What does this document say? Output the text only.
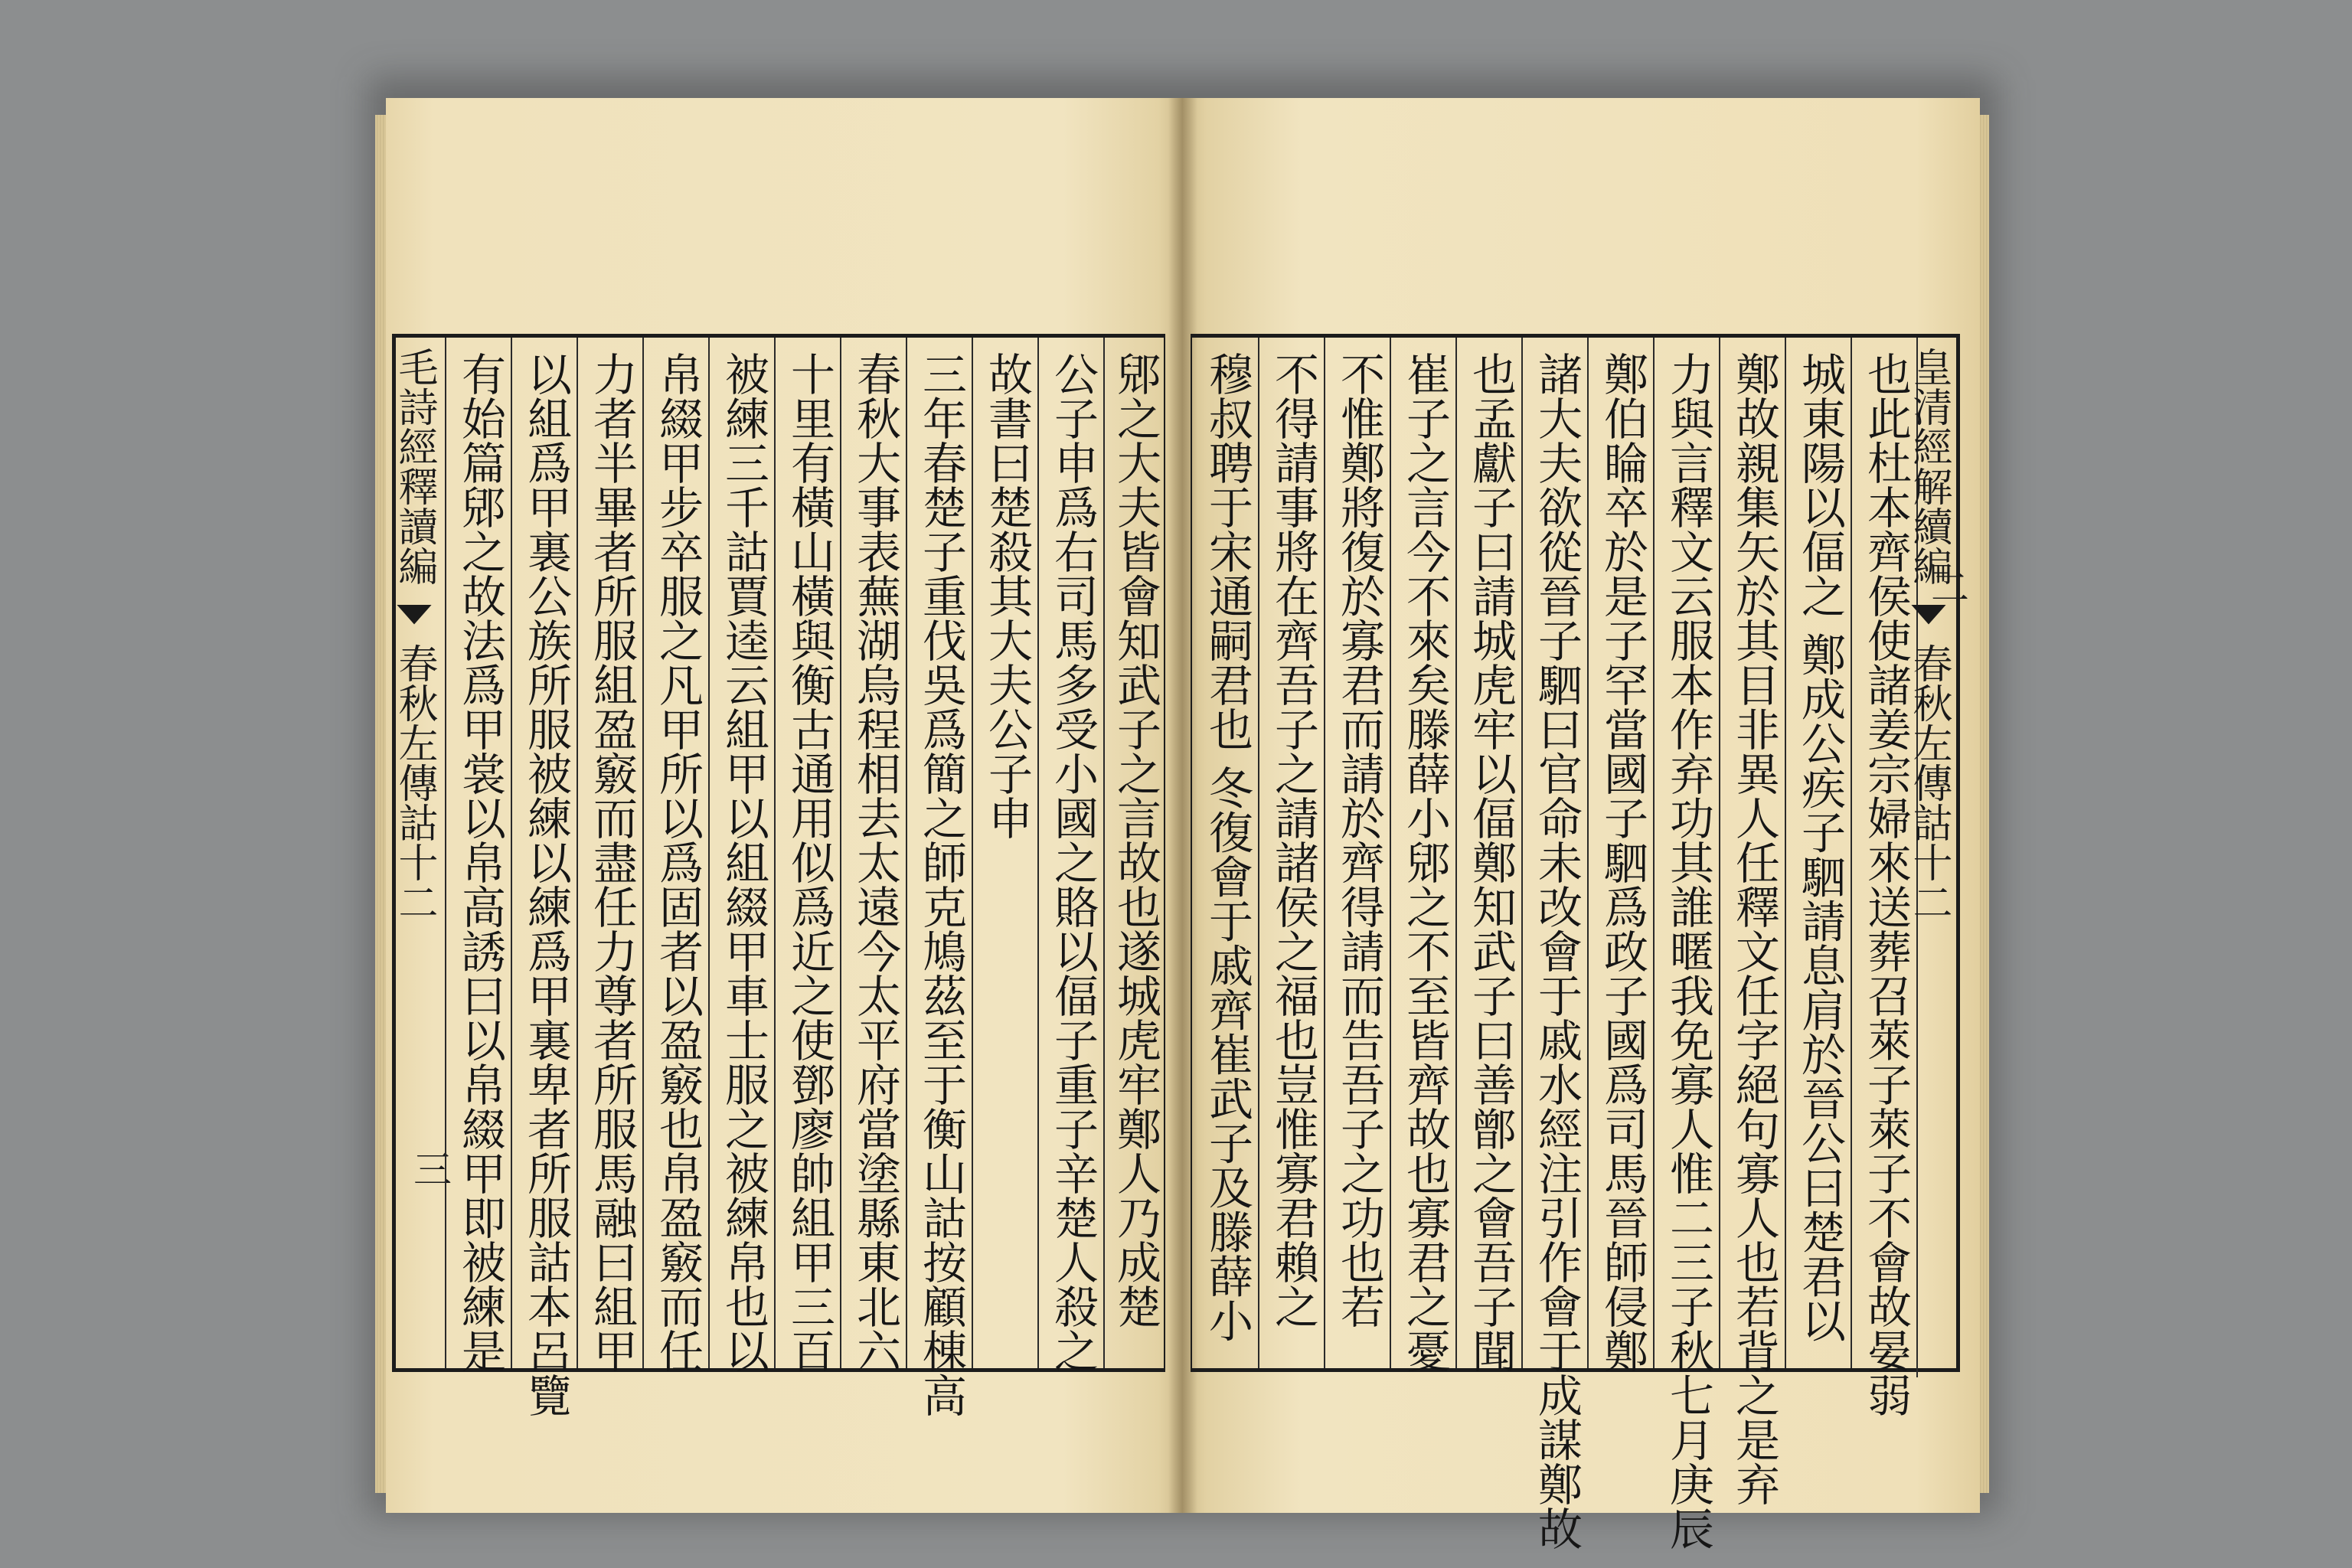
毛詩經釋讀編  春秋左傳詁十二
三 有始篇郳之故法爲甲裳以帛高誘曰以帛綴甲即被練是 以組爲甲裏公族所服被練以練爲甲裏卑者所服詁本呂覽 力者半畢者所服組盈竅而盡任力尊者所服馬融曰組甲 帛綴甲步卒服之凡甲所以爲固者以盈竅也帛盈竅而任 被練三千詁賈逵云組甲以組綴甲車士服之被練帛也以 十里有橫山橫與衡古通用似爲近之使鄧廖帥組甲三百 春秋大事表蕪湖烏程相去太遠今太平府當塗縣東北六 三年春楚子重伐吳爲簡之師克鳩茲至于衡山詁按顧棟高 故書曰楚殺其大夫公子申 公子申爲右司馬多受小國之賂以偪子重子辛楚人殺之 郳之大夫皆會知武子之言故也遂城虎牢鄭人乃成楚 穆叔聘于宋通嗣君也 冬復會于戚齊崔武子及滕薛小 不得請事將在齊吾子之請諸侯之福也豈惟寡君賴之 不惟鄭將復於寡君而請於齊得請而告吾子之功也若 崔子之言今不來矣滕薛小郳之不至皆齊故也寡君之憂 也孟獻子曰請城虎牢以偪鄭知武子曰善鄫之會吾子聞 諸大夫欲從晉子駟曰官命未改會于戚水經注引作會于成謀鄭故 鄭伯睔卒於是子罕當國子駟爲政子國爲司馬晉師侵鄭 力與言釋文云服本作弃功其誰暱我免寡人惟二三子秋七月庚辰 鄭故親集矢於其目非異人任釋文任字絕句寡人也若背之是弃 城東陽以偪之 鄭成公疾子駟請息肩於晉公曰楚君以 也此杜本齊侯使諸姜宗婦來送葬召萊子萊子不會故晏弱
皇清經解續編  春秋左傳詁十二
二
